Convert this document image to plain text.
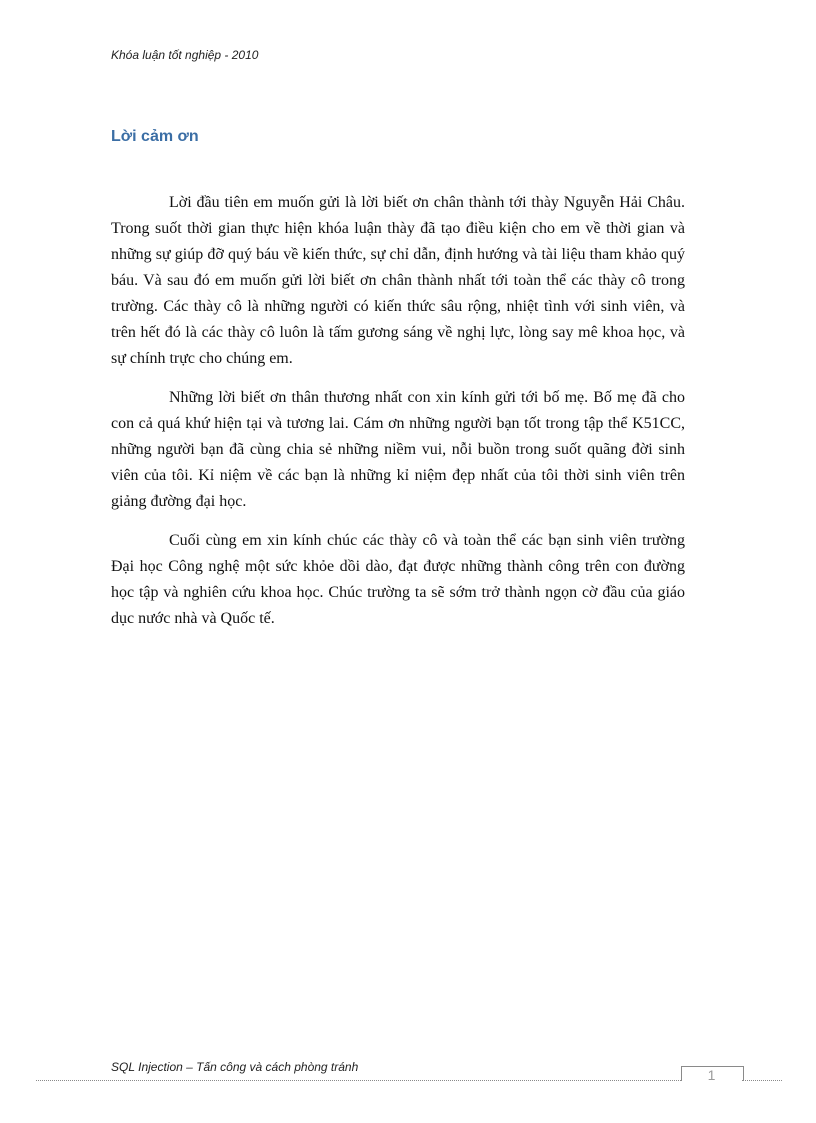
Khóa luận tốt nghiệp - 2010
Lời cảm ơn

Lời đầu tiên em muốn gửi là lời biết ơn chân thành tới thày Nguyễn Hải Châu. Trong suốt thời gian thực hiện khóa luận thày đã tạo điều kiện cho em về thời gian và những sự giúp đỡ quý báu về kiến thức, sự chỉ dẫn, định hướng và tài liệu tham khảo quý báu. Và sau đó em muốn gửi lời biết ơn chân thành nhất tới toàn thể các thày cô trong trường. Các thày cô là những người có kiến thức sâu rộng, nhiệt tình với sinh viên, và trên hết đó là các thày cô luôn là tấm gương sáng về nghị lực, lòng say mê khoa học, và sự chính trực cho chúng em.

Những lời biết ơn thân thương nhất con xin kính gửi tới bố mẹ. Bố mẹ đã cho con cả quá khứ hiện tại và tương lai. Cám ơn những người bạn tốt trong tập thể K51CC, những người bạn đã cùng chia sẻ những niềm vui, nỗi buồn trong suốt quãng đời sinh viên của tôi. Kỉ niệm về các bạn là những kỉ niệm đẹp nhất của tôi thời sinh viên trên giảng đường đại học.

Cuối cùng em xin kính chúc các thày cô và toàn thể các bạn sinh viên trường Đại học Công nghệ một sức khỏe dồi dào, đạt được những thành công trên con đường học tập và nghiên cứu khoa học. Chúc trường ta sẽ sớm trở thành ngọn cờ đầu của giáo dục nước nhà và Quốc tế.

SQL Injection – Tấn công và cách phòng tránh	1
